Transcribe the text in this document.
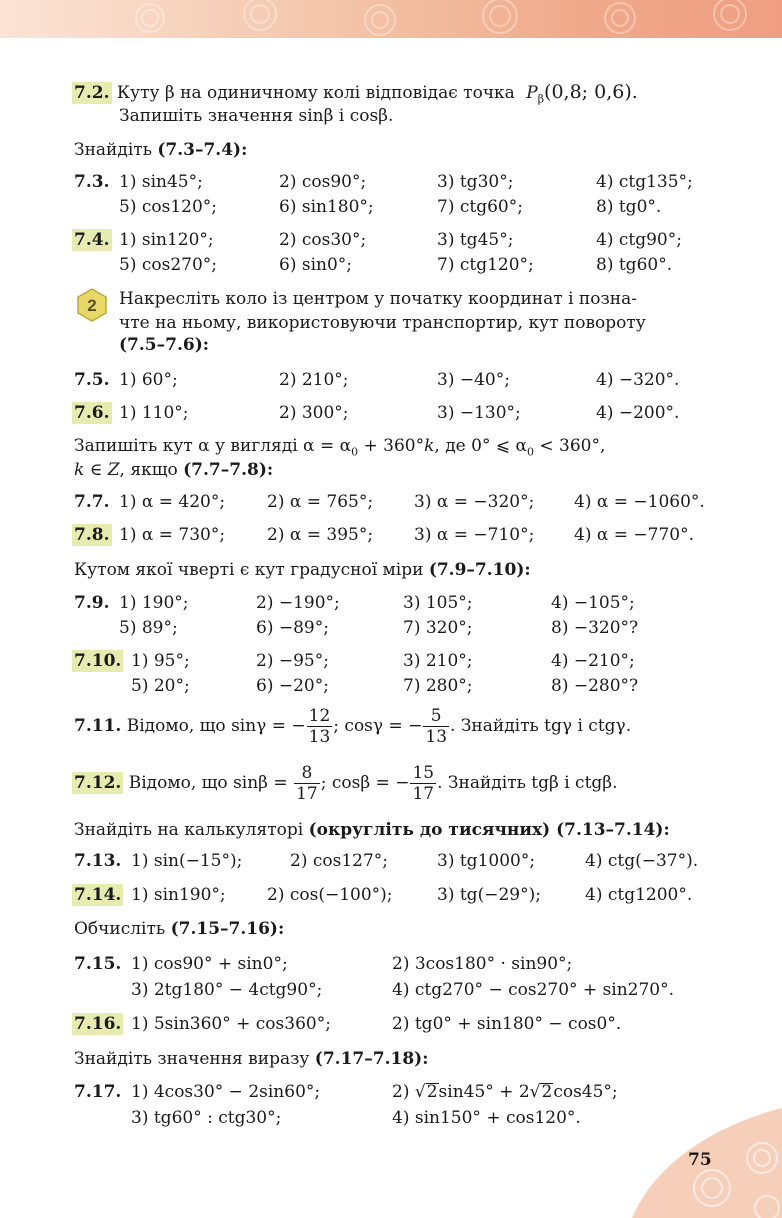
7.2. Куту β на одиничному колі відповідає точка $P_\beta(0,8$; 0,6).
Запишіть значення sinβ і cosβ.
Знайдіть (7.3–7.4):
7.3. 1) sin45°;	2) cos90°;	3) tg30°;	4) ctg135°;
5) cos120°;	6) sin180°;	7) ctg60°;	8) tg0°.
7.4. 1) sin120°;	2) cos30°;	3) tg45°;	4) ctg90°;
5) cos270°;	6) sin0°;	7) ctg120°;	8) tg60°.
2 Накресліть коло із центром у початку координат і позна-
чте на ньому, використовуючи транспортир, кут повороту
(7.5–7.6):
7.5. 1) 60°;	2) 210°;	3) −40°;	4) −320°.
7.6. 1) 110°;	2) 300°;	3) −130°;	4) −200°.
Запишіть кут α у вигляді $\alpha = \alpha_0 + 360^\circ k$, де 0° ⩽ $\alpha_0 < 360^\circ$,
k ∈ Z, якщо (7.7–7.8):
7.7. 1) α = 420°; 2) α = 765°; 3) α = −320°; 4) α = −1060°.
7.8. 1) α = 730°; 2) α = 395°; 3) α = −710°; 4) α = −770°.
Кутом якої чверті є кут градусної міри (7.9–7.10):
7.9. 1) 190°;	2) −190°;	3) 105°;	4) −105°;
5) 89°;	6) −89°;	7) 320°;	8) −320°?
7.10. 1) 95°;	2) −95°;	3) 210°;	4) −210°;
5) 20°;	6) −20°;	7) 280°;	8) −280°?
7.11. Відомо, що sinγ = − $\frac{12}{13}$ ; cosγ = − $\frac{5}{13}$ . Знайдіть tgγ і ctgγ.
7.12. Відомо, що $\sin\beta = \frac{8}{17}$ ; cosβ = − $\frac{15}{17}$ . Знайдіть tgβ і ctgβ.
Знайдіть на калькуляторі (округліть до тисячних) (7.13–7.14):
7.13. 1) sin(−15°);	2) cos127°;	3) tg1000°;	4) ctg(−37°).
7.14. 1) sin190°; 2) cos(−100°);	3) tg(−29°);	4) ctg1200°.
Обчисліть (7.15–7.16):
7.15. 1) cos90° + sin0°;	2) 3cos180° · sin90°;
3) 2tg180° − 4ctg90°;	4) ctg270° − cos270° + sin270°.
7.16. 1) 5sin360° + cos360°;	2) tg0° + sin180° − cos0°.
Знайдіть значення виразу (7.17–7.18):
7.17. 1) 4cos30° − 2sin60°;	2) √2sin45° + 2√2cos45°;
3) tg60° : ctg30°;	4) sin150° + cos120°.
75
